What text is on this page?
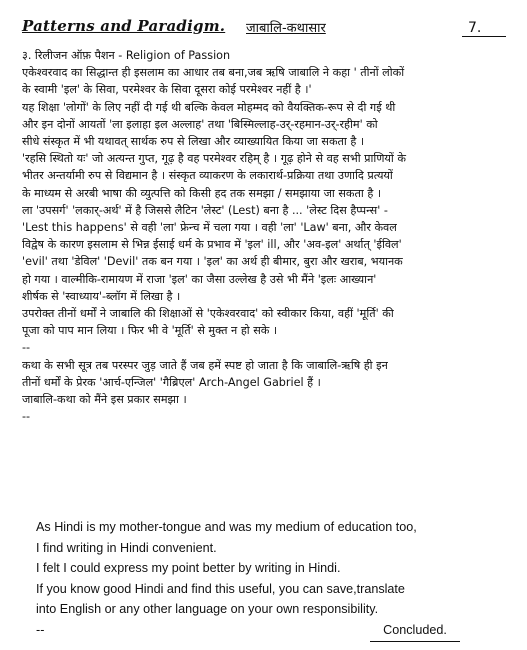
Patterns and Paradigm. जाबालि-कथासार	7.

३. रिलीजन ऑफ़ पैशन - Religion of Passion

एकेश्वरवाद का सिद्धान्त ही इसलाम का आधार तब बना,जब ऋषि जाबालि ने कहा ' तीनों लोकों

के स्वामी 'इल' के सिवा, परमेश्वर के सिवा दूसरा कोई परमेश्वर नहीं है ।'

यह शिक्षा 'लोगों' के लिए नहीं दी गई थी बल्कि केवल मोहम्मद को वैयक्तिक-रूप से दी गई थी

और इन दोनों आयतों 'ला इलाहा इल अल्लाह' तथा 'बिस्मिल्लाह-उर्-रहमान-उर्-रहीम' को

सीधे संस्कृत में भी यथावत् सार्थक रुप से लिखा और व्याख्यायित किया जा सकता है ।

'रहसि स्थितो यः' जो अत्यन्त गुप्त, गूढ़ है वह परमेश्वर रहिम् है । गूढ़ होने से वह सभी प्राणियों के

भीतर अन्तर्यामी रुप से विद्यमान है । संस्कृत व्याकरण के लकारार्थ-प्रक्रिया तथा उणादि प्रत्ययों

के माध्यम से अरबी भाषा की व्युत्पत्ति को किसी हद तक समझा / समझाया जा सकता है ।

ला 'उपसर्ग' 'लकार्-अर्थ' में है जिससे लैटिन 'लेस्ट' (Lest) बना है ... 'लेस्ट दिस हैप्पन्स' -

'Lest this happens' से वही 'ला' फ्रेन्च में चला गया । वही 'ला' 'Law' बना, और केवल

विद्वेष के कारण इसलाम से भिन्न ईसाई धर्म के प्रभाव में 'इल' ill, और 'अव-इल' अर्थात् 'ईविल'

'evil' तथा 'डेविल' 'Devil' तक बन गया । 'इल' का अर्थ ही बीमार, बुरा और खराब, भयानक

हो गया । वाल्मीकि-रामायण में राजा 'इल' का जैसा उल्लेख है उसे भी मैंने 'इलः आख्यान'

शीर्षक से 'स्वाध्याय'-ब्लॉग में लिखा है ।

उपरोक्त तीनों धर्मों ने जाबालि की शिक्षाओं से 'एकेश्वरवाद' को स्वीकार किया, वहीं 'मूर्ति' की

पूजा को पाप मान लिया । फिर भी वे 'मूर्ति' से मुक्त न हो सके ।

--

कथा के सभी सूत्र तब परस्पर जुड़ जाते हैं जब हमें स्पष्ट हो जाता है कि जाबालि-ऋषि ही इन

तीनों धर्मों के प्रेरक 'आर्च-एन्जिल' 'गैब्रिएल' Arch-Angel Gabriel हैं ।

जाबालि-कथा को मैंने इस प्रकार समझा ।

--

As Hindi is my mother-tongue and was my medium of education too,

I find writing in Hindi convenient.

I felt I could express my point better by writing in Hindi.

If you know good Hindi and find this useful, you can save,translate

into English or any other language on your own responsibility.

--	Concluded.
